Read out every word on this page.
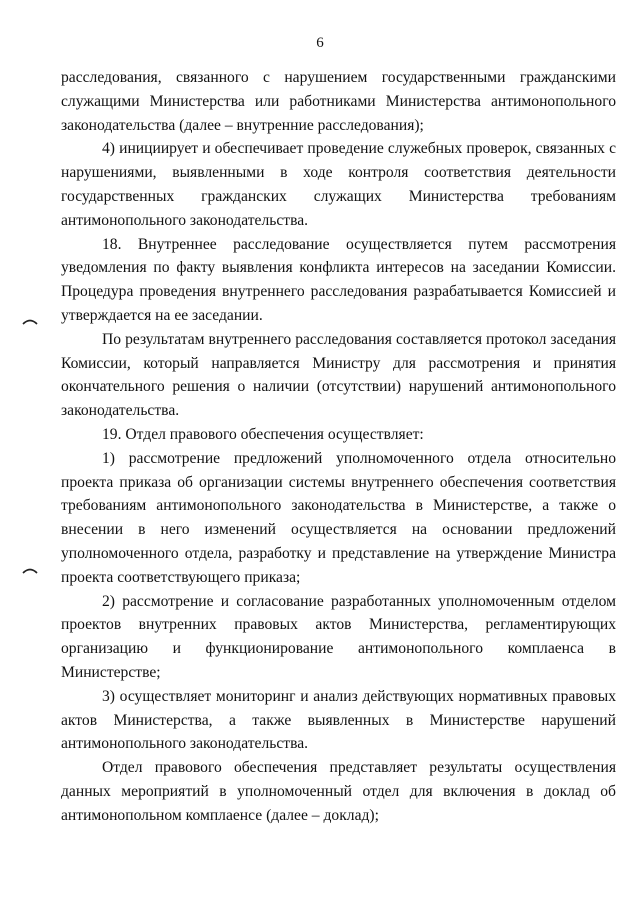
6

расследования, связанного с нарушением государственными гражданскими служащими Министерства или работниками Министерства антимонопольного законодательства (далее – внутренние расследования);

4) инициирует и обеспечивает проведение служебных проверок, связанных с нарушениями, выявленными в ходе контроля соответствия деятельности государственных гражданских служащих Министерства требованиям антимонопольного законодательства.

18. Внутреннее расследование осуществляется путем рассмотрения уведомления по факту выявления конфликта интересов на заседании Комиссии. Процедура проведения внутреннего расследования разрабатывается Комиссией и утверждается на ее заседании.

По результатам внутреннего расследования составляется протокол заседания Комиссии, который направляется Министру для рассмотрения и принятия окончательного решения о наличии (отсутствии) нарушений антимонопольного законодательства.

19. Отдел правового обеспечения осуществляет:

1) рассмотрение предложений уполномоченного отдела относительно проекта приказа об организации системы внутреннего обеспечения соответствия требованиям антимонопольного законодательства в Министерстве, а также о внесении в него изменений осуществляется на основании предложений уполномоченного отдела, разработку и представление на утверждение Министра проекта соответствующего приказа;

2) рассмотрение и согласование разработанных уполномоченным отделом проектов внутренних правовых актов Министерства, регламентирующих организацию и функционирование антимонопольного комплаенса в Министерстве;

3) осуществляет мониторинг и анализ действующих нормативных правовых актов Министерства, а также выявленных в Министерстве нарушений антимонопольного законодательства.

Отдел правового обеспечения представляет результаты осуществления данных мероприятий в уполномоченный отдел для включения в доклад об антимонопольном комплаенсе (далее – доклад);
